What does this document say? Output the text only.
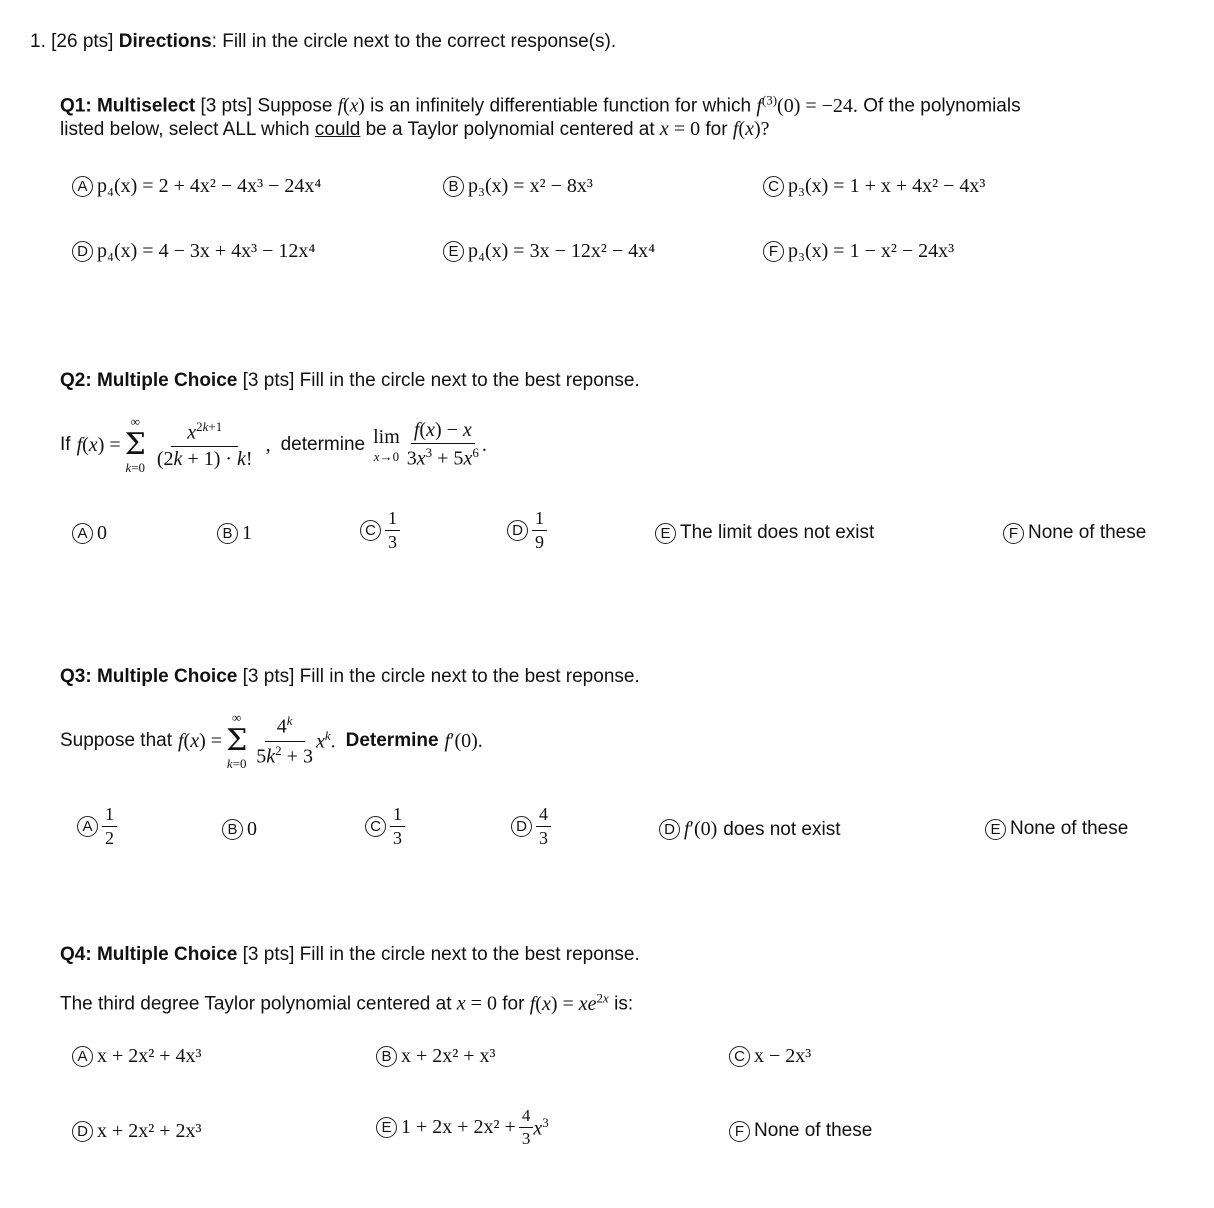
1. [26 pts] Directions: Fill in the circle next to the correct response(s).
Q1: Multiselect [3 pts] Suppose f(x) is an infinitely differentiable function for which $f^{(3)}(0) = -24$. Of the polynomials
listed below, select ALL which could be a Taylor polynomial centered at x = 0 for f(x)?
A p₄(x) = 2 + 4x² − 4x³ − 24x⁴	B p₃(x) = x² − 8x³	C p₃(x) = 1 + x + 4x² − 4x³
D p₄(x) = 4 − 3x + 4x³ − 12x⁴	E p₄(x) = 3x − 12x² − 4x⁴	F p₃(x) = 1 − x² − 24x³
Q2: Multiple Choice [3 pts] Fill in the circle next to the best reponse.
If f(x) =
∞
Σ
$k=0 \frac{x^{2k+1}}{(2k + 1) \cdot k!}$ , determine lim
$x\to 0 \frac{f(x) - x}{3x^3 + 5x^6}$ .
A 0	B 1	C $\frac{1}{3}$	D $\frac{1}{9}$	E The limit does not exist	F None of these
Q3: Multiple Choice [3 pts] Fill in the circle next to the best reponse.
Suppose that f(x) =
∞
Σ
$k=0 \frac{4^k}{5k^2 + 3} x^k$. Determine f′(0).
A $\frac{1}{2}$	B 0	C $\frac{1}{3}$	D $\frac{4}{3}$	D f′(0) does not exist	E None of these
Q4: Multiple Choice [3 pts] Fill in the circle next to the best reponse.
The third degree Taylor polynomial centered at x = 0 for $f(x) = xe^{2x}$ is:
A x + 2x² + 4x³	B x + 2x² + x³	C x − 2x³
D x + 2x² + 2x³	E $1 + 2x + 2x^2 + \frac{4}{3} x^3$
F None of these
